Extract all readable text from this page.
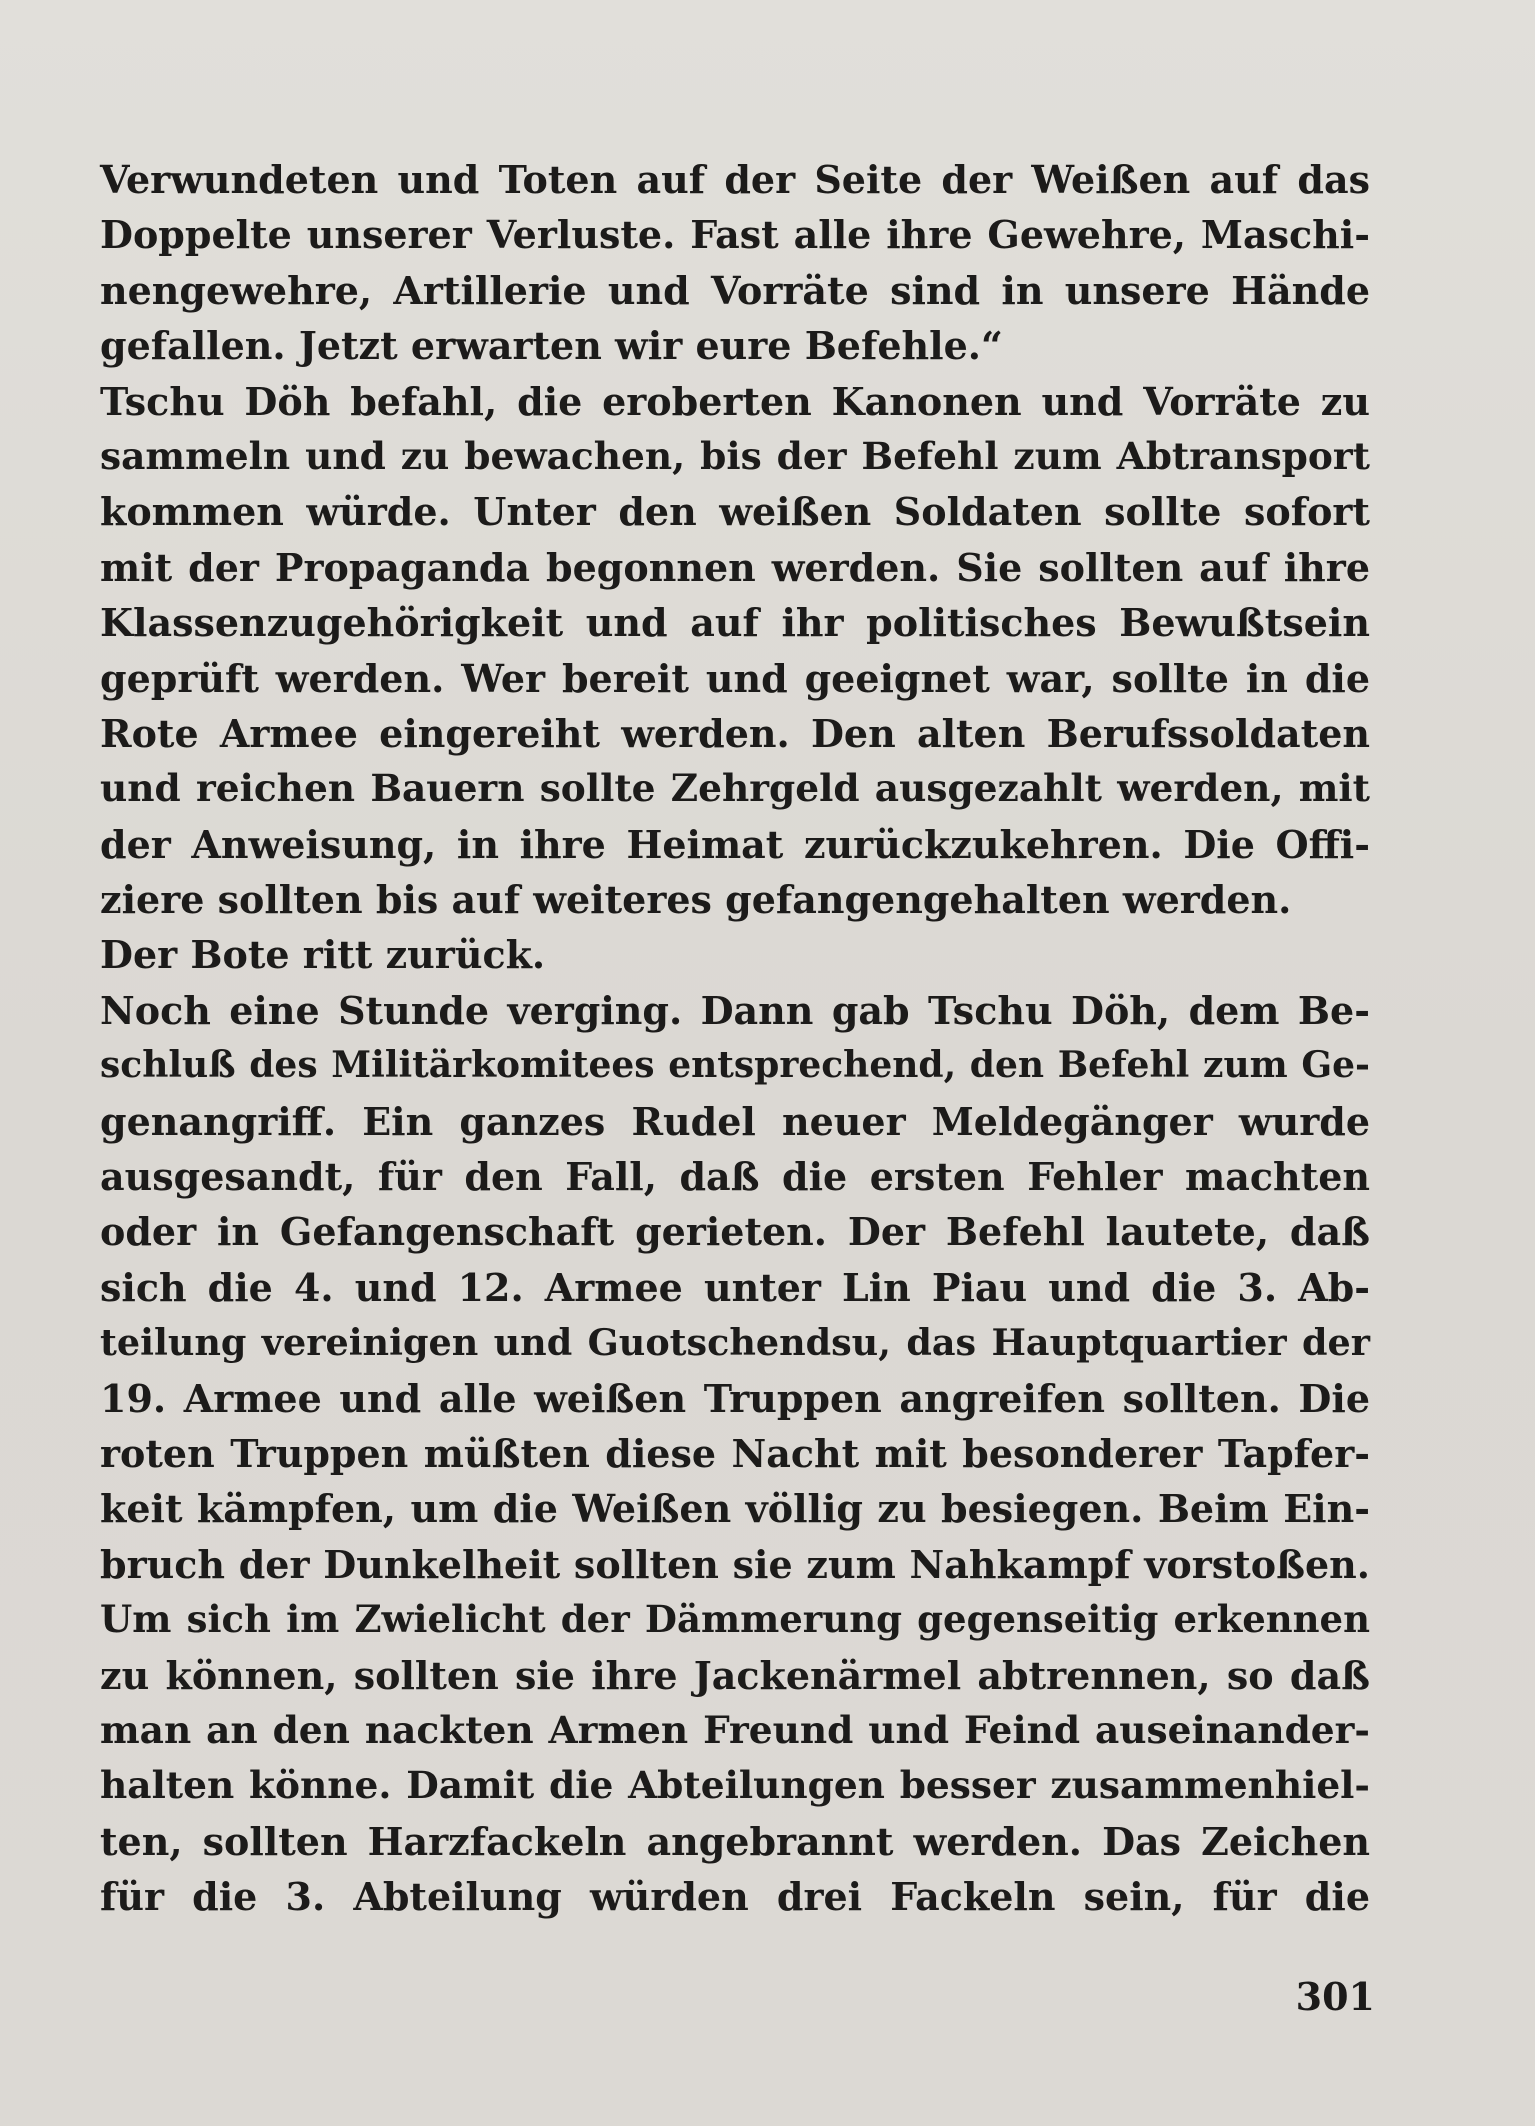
Verwundeten und Toten auf der Seite der Weißen auf das
Doppelte unserer Verluste. Fast alle ihre Gewehre, Maschi-
nengewehre, Artillerie und Vorräte sind in unsere Hände
gefallen. Jetzt erwarten wir eure Befehle.“
Tschu Döh befahl, die eroberten Kanonen und Vorräte zu
sammeln und zu bewachen, bis der Befehl zum Abtransport
kommen würde. Unter den weißen Soldaten sollte sofort
mit der Propaganda begonnen werden. Sie sollten auf ihre
Klassenzugehörigkeit und auf ihr politisches Bewußtsein
geprüft werden. Wer bereit und geeignet war, sollte in die
Rote Armee eingereiht werden. Den alten Berufssoldaten
und reichen Bauern sollte Zehrgeld ausgezahlt werden, mit
der Anweisung, in ihre Heimat zurückzukehren. Die Offi-
ziere sollten bis auf weiteres gefangengehalten werden.
Der Bote ritt zurück.
Noch eine Stunde verging. Dann gab Tschu Döh, dem Be-
schluß des Militärkomitees entsprechend, den Befehl zum Ge-
genangriff. Ein ganzes Rudel neuer Meldegänger wurde
ausgesandt, für den Fall, daß die ersten Fehler machten
oder in Gefangenschaft gerieten. Der Befehl lautete, daß
sich die 4. und 12. Armee unter Lin Piau und die 3. Ab-
teilung vereinigen und Guotschendsu, das Hauptquartier der
19. Armee und alle weißen Truppen angreifen sollten. Die
roten Truppen müßten diese Nacht mit besonderer Tapfer-
keit kämpfen, um die Weißen völlig zu besiegen. Beim Ein-
bruch der Dunkelheit sollten sie zum Nahkampf vorstoßen.
Um sich im Zwielicht der Dämmerung gegenseitig erkennen
zu können, sollten sie ihre Jackenärmel abtrennen, so daß
man an den nackten Armen Freund und Feind auseinander-
halten könne. Damit die Abteilungen besser zusammenhiel-
ten, sollten Harzfackeln angebrannt werden. Das Zeichen
für die 3. Abteilung würden drei Fackeln sein, für die
301
